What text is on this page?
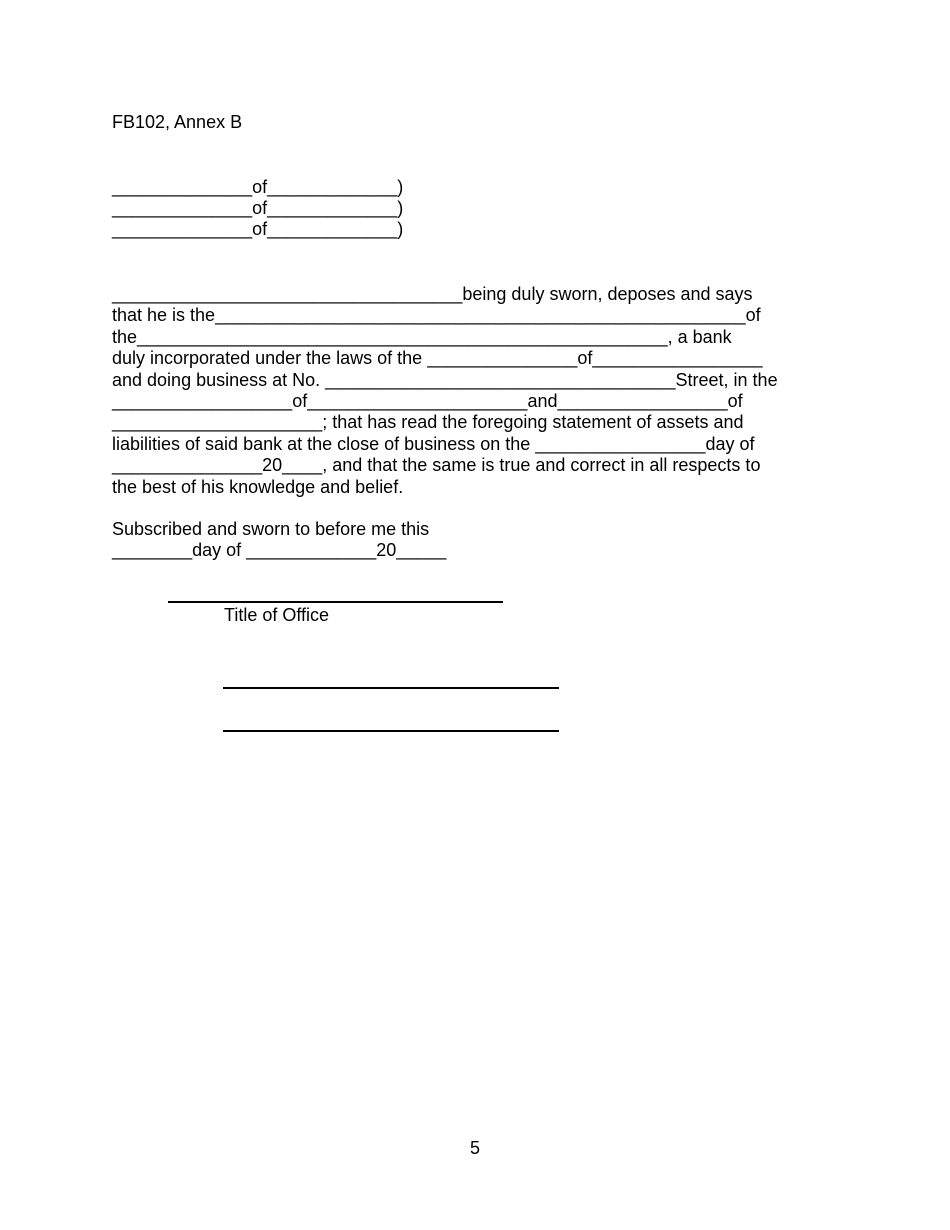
FB102, Annex B
______________of_____________)
______________of_____________)
______________of_____________)
___________________________________being duly sworn, deposes and says
that he is the_____________________________________________________of
the_____________________________________________________, a bank
duly incorporated under the laws of the _______________of_________________
and doing business at No. ___________________________________Street, in the
__________________of______________________and_________________of
_____________________; that has read the foregoing statement of assets and
liabilities of said bank at the close of business on the _________________day of
_______________20____, and that the same is true and correct in all respects to
the best of his knowledge and belief.
Subscribed and sworn to before me this
________day of _____________20_____
Title of Office
5
